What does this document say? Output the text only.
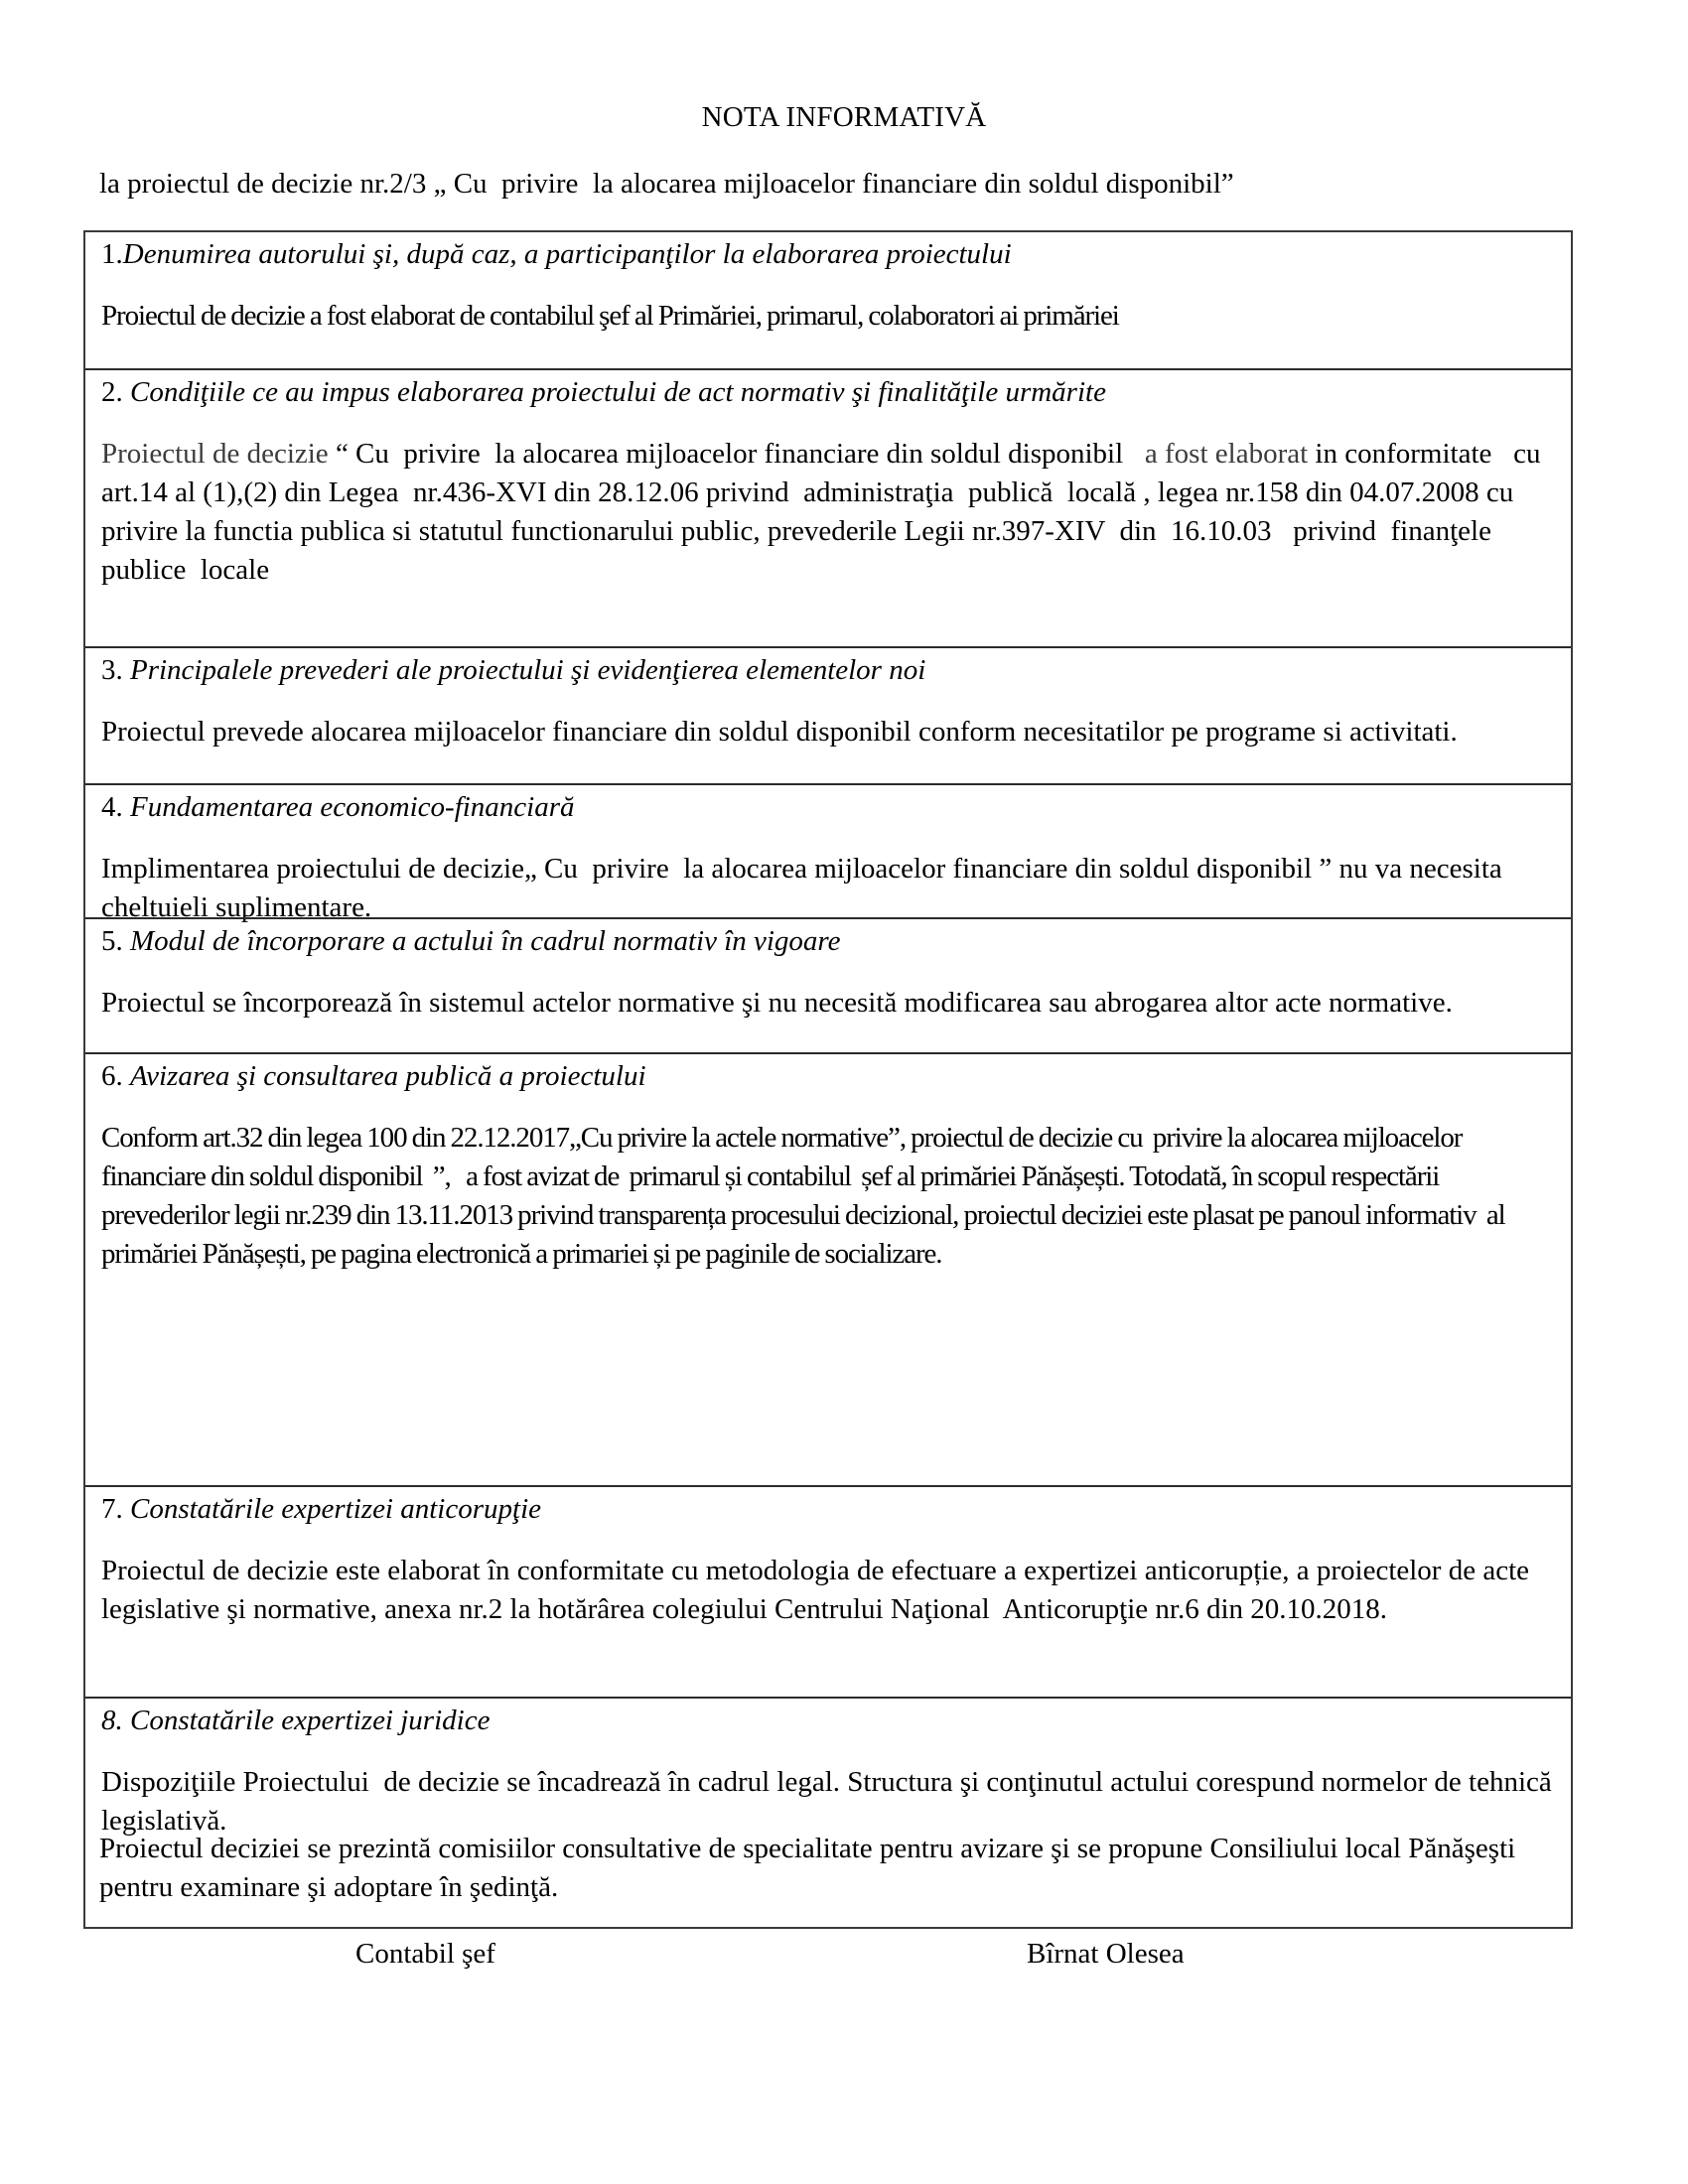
NOTA INFORMATIVĂ
la proiectul de decizie nr.2/3 „ Cu  privire  la alocarea mijloacelor financiare din soldul disponibil”
1.Denumirea autorului şi, după caz, a participanţilor la elaborarea proiectului
Proiectul de decizie a fost elaborat de contabilul şef al Primăriei, primarul, colaboratori ai primăriei
2. Condiţiile ce au impus elaborarea proiectului de act normativ şi finalităţile urmărite
Proiectul de decizie “ Cu  privire  la alocarea mijloacelor financiare din soldul disponibil   a fost elaborat in conformitate   cu  art.14 al (1),(2) din Legea  nr.436-XVI din 28.12.06 privind  administraţia  publică  locală , legea nr.158 din 04.07.2008 cu privire la functia publica si statutul functionarului public, prevederile Legii nr.397-XIV  din  16.10.03   privind  finanţele  publice  locale
3. Principalele prevederi ale proiectului şi evidenţierea elementelor noi
Proiectul prevede alocarea mijloacelor financiare din soldul disponibil conform necesitatilor pe programe si activitati.
4. Fundamentarea economico-financiară
Implimentarea proiectului de decizie„ Cu  privire  la alocarea mijloacelor financiare din soldul disponibil ” nu va necesita cheltuieli suplimentare.
5. Modul de încorporare a actului în cadrul normativ în vigoare
Proiectul se încorporează în sistemul actelor normative şi nu necesită modificarea sau abrogarea altor acte normative.
6. Avizarea şi consultarea publică a proiectului
Conform art.32 din legea 100 din 22.12.2017„Cu privire la actele normative”, proiectul de decizie cu  privire la alocarea mijloacelor financiare din soldul disponibil  ”,   a fost avizat de  primarul și contabilul  șef al primăriei Pănășești. Totodată, în scopul respectării prevederilor legii nr.239 din 13.11.2013 privind transparența procesului decizional, proiectul deciziei este plasat pe panoul informativ  al  primăriei Pănășești, pe pagina electronică a primariei și pe paginile de socializare.
7. Constatările expertizei anticorupţie
Proiectul de decizie este elaborat în conformitate cu metodologia de efectuare a expertizei anticorupție, a proiectelor de acte legislative şi normative, anexa nr.2 la hotărârea colegiului Centrului Naţional  Anticorupţie nr.6 din 20.10.2018.
8. Constatările expertizei juridice
Dispoziţiile Proiectului  de decizie se încadrează în cadrul legal. Structura şi conţinutul actului corespund normelor de tehnică legislativă.
Proiectul deciziei se prezintă comisiilor consultative de specialitate pentru avizare şi se propune Consiliului local Pănăşeşti pentru examinare şi adoptare în şedinţă.
Contabil şef	Bîrnat Olesea
